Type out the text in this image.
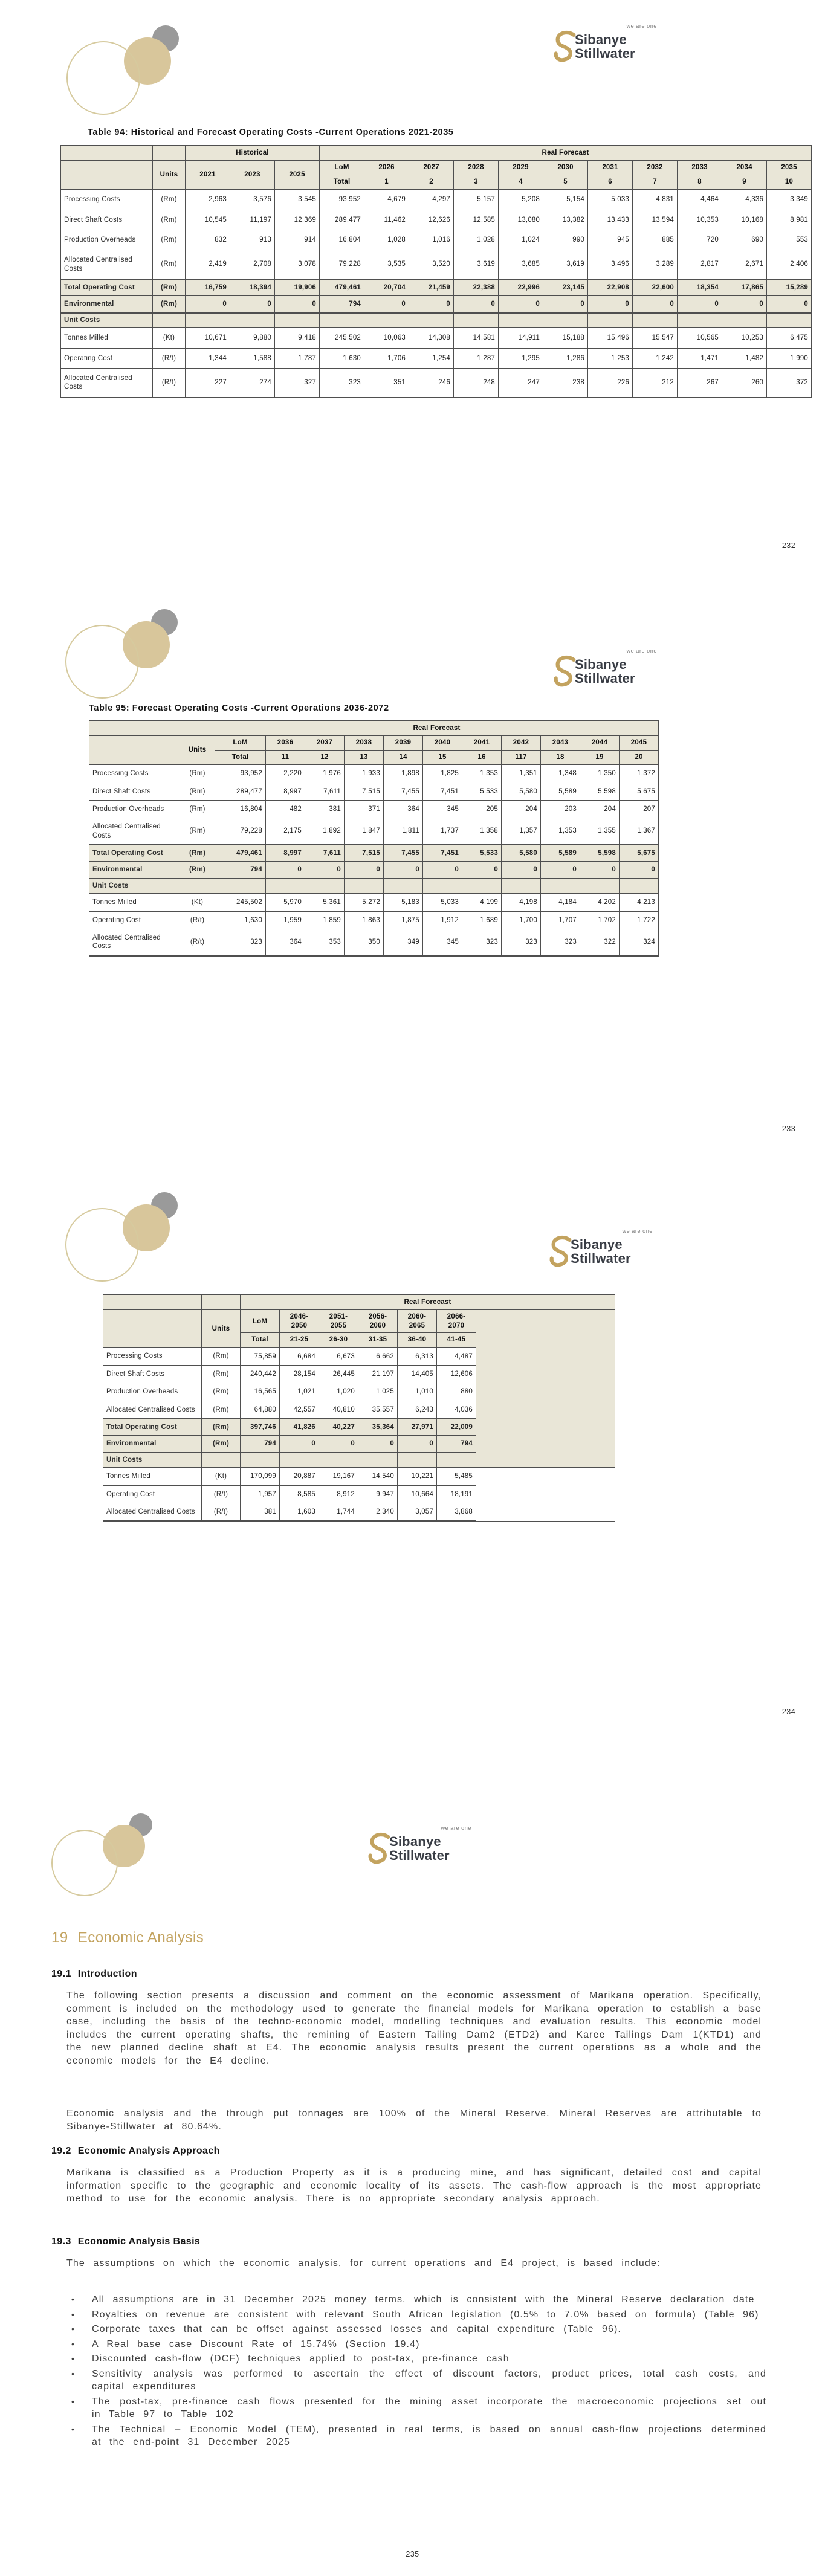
we are one
Sibanye
Stillwater
Table 94: Historical and Forecast Operating Costs -Current Operations 2021-2035
		Historical			Real Forecast										
	Units	2021	2023	2025	LoM	2026	2027	2028	2029	2030	2031	2032	2033	2034	2035
					Total	1	2	3	4	5	6	7	8	9	10
Processing Costs	(Rm)	2,963	3,576	3,545	93,952	4,679	4,297	5,157	5,208	5,154	5,033	4,831	4,464	4,336	3,349
Direct Shaft Costs	(Rm)	10,545	11,197	12,369	289,477	11,462	12,626	12,585	13,080	13,382	13,433	13,594	10,353	10,168	8,981
Production Overheads	(Rm)	832	913	914	16,804	1,028	1,016	1,028	1,024	990	945	885	720	690	553
Allocated Centralised Costs	(Rm)	2,419	2,708	3,078	79,228	3,535	3,520	3,619	3,685	3,619	3,496	3,289	2,817	2,671	2,406
Total Operating Cost	(Rm)	16,759	18,394	19,906	479,461	20,704	21,459	22,388	22,996	23,145	22,908	22,600	18,354	17,865	15,289
Environmental	(Rm)	0	0	0	794	0	0	0	0	0	0	0	0	0	0
Unit Costs															
Tonnes Milled	(Kt)	10,671	9,880	9,418	245,502	10,063	14,308	14,581	14,911	15,188	15,496	15,547	10,565	10,253	6,475
Operating Cost	(R/t)	1,344	1,588	1,787	1,630	1,706	1,254	1,287	1,295	1,286	1,253	1,242	1,471	1,482	1,990
Allocated Centralised Costs	(R/t)	227	274	327	323	351	246	248	247	238	226	212	267	260	372
232
we are one
Sibanye
Stillwater
Table 95: Forecast Operating Costs -Current Operations 2036-2072
		Real Forecast										
	Units	LoM	2036	2037	2038	2039	2040	2041	2042	2043	2044	2045
		Total	11	12	13	14	15	16	117	18	19	20
Processing Costs	(Rm)	93,952	2,220	1,976	1,933	1,898	1,825	1,353	1,351	1,348	1,350	1,372
Direct Shaft Costs	(Rm)	289,477	8,997	7,611	7,515	7,455	7,451	5,533	5,580	5,589	5,598	5,675
Production Overheads	(Rm)	16,804	482	381	371	364	345	205	204	203	204	207
Allocated Centralised Costs	(Rm)	79,228	2,175	1,892	1,847	1,811	1,737	1,358	1,357	1,353	1,355	1,367
Total Operating Cost	(Rm)	479,461	8,997	7,611	7,515	7,455	7,451	5,533	5,580	5,589	5,598	5,675
Environmental	(Rm)	794	0	0	0	0	0	0	0	0	0	0
Unit Costs												
Tonnes Milled	(Kt)	245,502	5,970	5,361	5,272	5,183	5,033	4,199	4,198	4,184	4,202	4,213
Operating Cost	(R/t)	1,630	1,959	1,859	1,863	1,875	1,912	1,689	1,700	1,707	1,702	1,722
Allocated Centralised Costs	(R/t)	323	364	353	350	349	345	323	323	323	322	324
233
we are one
Sibanye
Stillwater
		Real Forecast						
	Units	LoM	2046-2050	2051-2055	2056-2060	2060-2065	2066-2070	
		Total	21-25	26-30	31-35	36-40	41-45	
Processing Costs	(Rm)	75,859	6,684	6,673	6,662	6,313	4,487	
Direct Shaft Costs	(Rm)	240,442	28,154	26,445	21,197	14,405	12,606	
Production Overheads	(Rm)	16,565	1,021	1,020	1,025	1,010	880	
Allocated Centralised Costs	(Rm)	64,880	42,557	40,810	35,557	6,243	4,036	
Total Operating Cost	(Rm)	397,746	41,826	40,227	35,364	27,971	22,009	
Environmental	(Rm)	794	0	0	0	0	794	
Unit Costs								
Tonnes Milled	(Kt)	170,099	20,887	19,167	14,540	10,221	5,485	
Operating Cost	(R/t)	1,957	8,585	8,912	9,947	10,664	18,191	
Allocated Centralised Costs	(R/t)	381	1,603	1,744	2,340	3,057	3,868	
234
we are one
Sibanye
Stillwater
19 Economic Analysis
19.1 Introduction

The following section presents a discussion and comment on the economic assessment of Marikana operation. Specifically, comment is included on the methodology used to generate the financial models for Marikana operation to establish a base case, including the basis of the techno-economic model, modelling techniques and evaluation results. This economic model includes the current operating shafts, the remining of Eastern Tailing Dam2 (ETD2) and Karee Tailings Dam 1(KTD1) and the new planned decline shaft at E4. The economic analysis results present the current operations as a whole and the economic models for the E4 decline.

Economic analysis and the through put tonnages are 100% of the Mineral Reserve. Mineral Reserves are attributable to Sibanye-Stillwater at 80.64%.

19.2 Economic Analysis Approach

Marikana is classified as a Production Property as it is a producing mine, and has significant, detailed cost and capital information specific to the geographic and economic locality of its assets. The cash-flow approach is the most appropriate method to use for the economic analysis. There is no appropriate secondary analysis approach.

19.3 Economic Analysis Basis

The assumptions on which the economic analysis, for current operations and E4 project, is based include:

•	All assumptions are in 31 December 2025 money terms, which is consistent with the Mineral Reserve declaration date
•	Royalties on revenue are consistent with relevant South African legislation (0.5% to 7.0% based on formula) (Table 96)
•	Corporate taxes that can be offset against assessed losses and capital expenditure (Table 96).
•	A Real base case Discount Rate of 15.74% (Section 19.4)
•	Discounted cash-flow (DCF) techniques applied to post-tax, pre-finance cash
•	Sensitivity analysis was performed to ascertain the effect of discount factors, product prices, total cash costs, and capital expenditures
•	The post-tax, pre-finance cash flows presented for the mining asset incorporate the macroeconomic projections set out in Table 97 to Table 102
•	The Technical – Economic Model (TEM), presented in real terms, is based on annual cash-flow projections determined at the end-point 31 December 2025
235
